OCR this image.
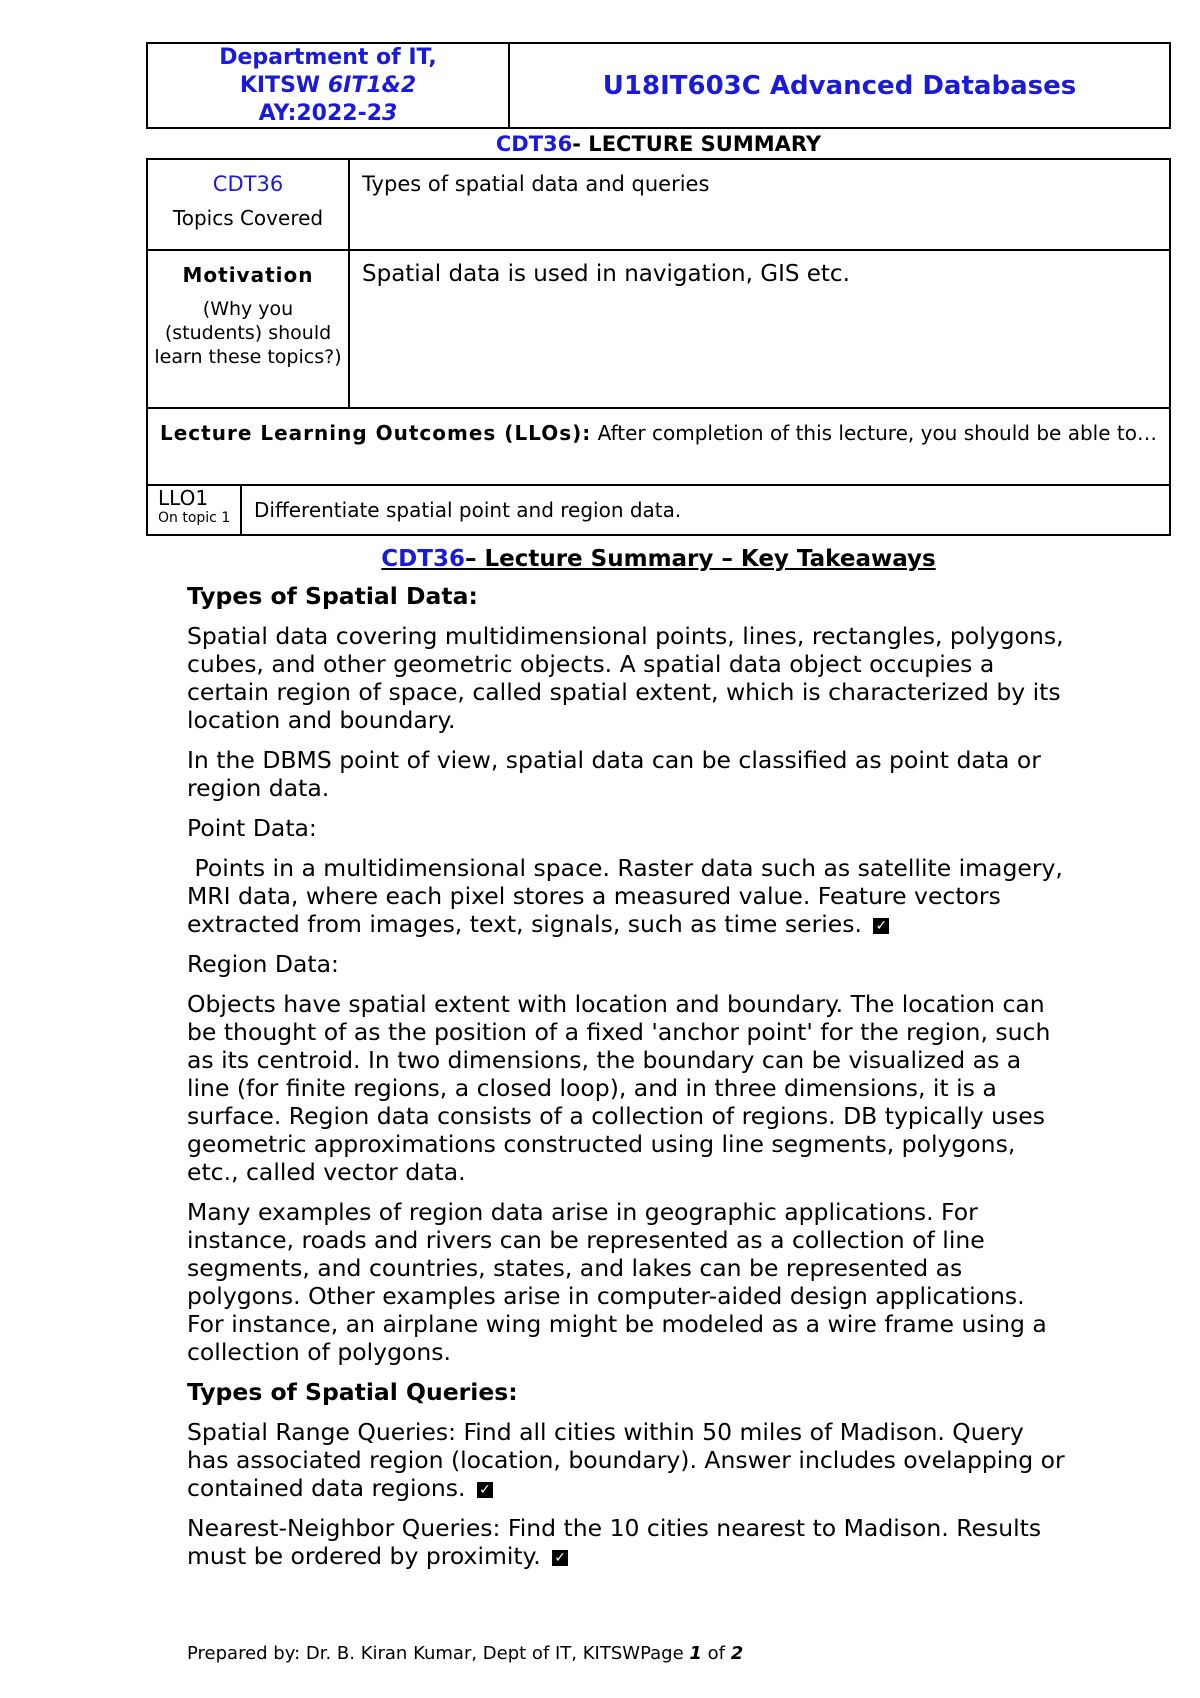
Department of IT,
KITSW 6IT1&2
AY:2022-23
U18IT603C Advanced Databases
CDT36- LECTURE SUMMARY
CDT36
Topics Covered
Types of spatial data and queries
Motivation
(Why you (students) should learn these topics?)
Spatial data is used in navigation, GIS etc.
Lecture Learning Outcomes (LLOs): After completion of this lecture, you should be able to…
LLO1
On topic 1	Differentiate spatial point and region data.
CDT36– Lecture Summary – Key Takeaways
Types of Spatial Data:

Spatial data covering multidimensional points, lines, rectangles, polygons, cubes, and other geometric objects. A spatial data object occupies a certain region of space, called spatial extent, which is characterized by its location and boundary.

In the DBMS point of view, spatial data can be classified as point data or region data.

Point Data:

Points in a multidimensional space. Raster data such as satellite imagery, MRI data, where each pixel stores a measured value. Feature vectors extracted from images, text, signals, such as time series. ✓

Region Data:

Objects have spatial extent with location and boundary. The location can be thought of as the position of a fixed 'anchor point' for the region, such as its centroid. In two dimensions, the boundary can be visualized as a line (for finite regions, a closed loop), and in three dimensions, it is a surface. Region data consists of a collection of regions. DB typically uses geometric approximations constructed using line segments, polygons, etc., called vector data.

Many examples of region data arise in geographic applications. For instance, roads and rivers can be represented as a collection of line segments, and countries, states, and lakes can be represented as polygons. Other examples arise in computer-aided design applications. For instance, an airplane wing might be modeled as a wire frame using a collection of polygons.

Types of Spatial Queries:

Spatial Range Queries: Find all cities within 50 miles of Madison. Query has associated region (location, boundary). Answer includes ovelapping or contained data regions. ✓

Nearest-Neighbor Queries: Find the 10 cities nearest to Madison. Results must be ordered by proximity. ✓

Prepared by: Dr. B. Kiran Kumar, Dept of IT, KITSWPage 1 of 2
